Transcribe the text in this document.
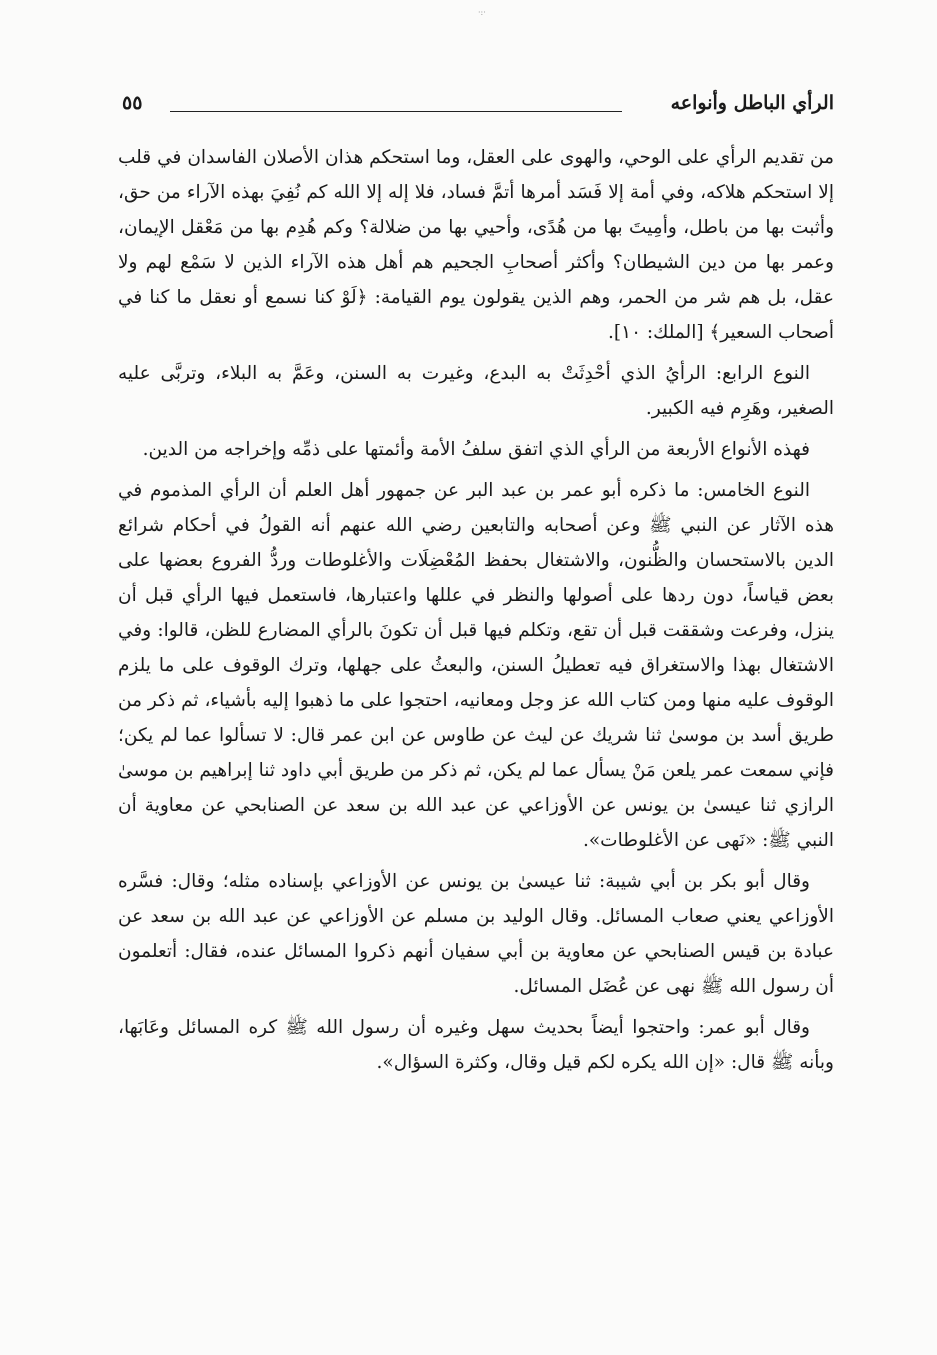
·:·
الرأي الباطل وأنواعه
٥٥

من تقديم الرأي على الوحي، والهوى على العقل، وما استحكم هذان الأصلان الفاسدان في قلب إلا استحكم هلاكه، وفي أمة إلا فَسَد أمرها أتمَّ فساد، فلا إله إلا الله كم نُفِيَ بهذه الآراء من حق، وأثبت بها من باطل، وأمِيتَ بها من هُدًى، وأحيي بها من ضلالة؟ وكم هُدِم بها من مَعْقل الإيمان، وعمر بها من دين الشيطان؟ وأكثر أصحابِ الجحيم هم أهل هذه الآراء الذين لا سَمْع لهم ولا عقل، بل هم شر من الحمر، وهم الذين يقولون يوم القيامة: ﴿لَوْ كنا نسمع أو نعقل ما كنا في أصحاب السعير﴾ [الملك: ١٠].

النوع الرابع: الرأيُ الذي أحْدِثَتْ به البدع، وغيرت به السنن، وعَمَّ به البلاء، وتربَّى عليه الصغير، وهَرِم فيه الكبير.

فهذه الأنواع الأربعة من الرأي الذي اتفق سلفُ الأمة وأئمتها على ذمِّه وإخراجه من الدين.

النوع الخامس: ما ذكره أبو عمر بن عبد البر عن جمهور أهل العلم أن الرأي المذموم في هذه الآثار عن النبي ﷺ وعن أصحابه والتابعين رضي الله عنهم أنه القولُ في أحكام شرائع الدين بالاستحسان والظُّنون، والاشتغال بحفظ المُعْضِلَات والأغلوطات وردُّ الفروع بعضها على بعض قياساً، دون ردها على أصولها والنظر في عللها واعتبارها، فاستعمل فيها الرأي قبل أن ينزل، وفرعت وشققت قبل أن تقع، وتكلم فيها قبل أن تكونَ بالرأي المضارع للظن، قالوا: وفي الاشتغال بهذا والاستغراق فيه تعطيلُ السنن، والبعثُ على جهلها، وترك الوقوف على ما يلزم الوقوف عليه منها ومن كتاب الله عز وجل ومعانيه، احتجوا على ما ذهبوا إليه بأشياء، ثم ذكر من طريق أسد بن موسىٰ ثنا شريك عن ليث عن طاوس عن ابن عمر قال: لا تسألوا عما لم يكن؛ فإني سمعت عمر يلعن مَنْ يسأل عما لم يكن، ثم ذكر من طريق أبي داود ثنا إبراهيم بن موسىٰ الرازي ثنا عيسىٰ بن يونس عن الأوزاعي عن عبد الله بن سعد عن الصنابحي عن معاوية أن النبي ﷺ: «نَهى عن الأغلوطات».

وقال أبو بكر بن أبي شيبة: ثنا عيسىٰ بن يونس عن الأوزاعي بإسناده مثله؛ وقال: فسَّره الأوزاعي يعني صعاب المسائل. وقال الوليد بن مسلم عن الأوزاعي عن عبد الله بن سعد عن عبادة بن قيس الصنابحي عن معاوية بن أبي سفيان أنهم ذكروا المسائل عنده، فقال: أتعلمون أن رسول الله ﷺ نهى عن عُضَل المسائل.

وقال أبو عمر: واحتجوا أيضاً بحديث سهل وغيره أن رسول الله ﷺ كره المسائل وعَابَها، وبأنه ﷺ قال: «إن الله يكره لكم قيل وقال، وكثرة السؤال».
